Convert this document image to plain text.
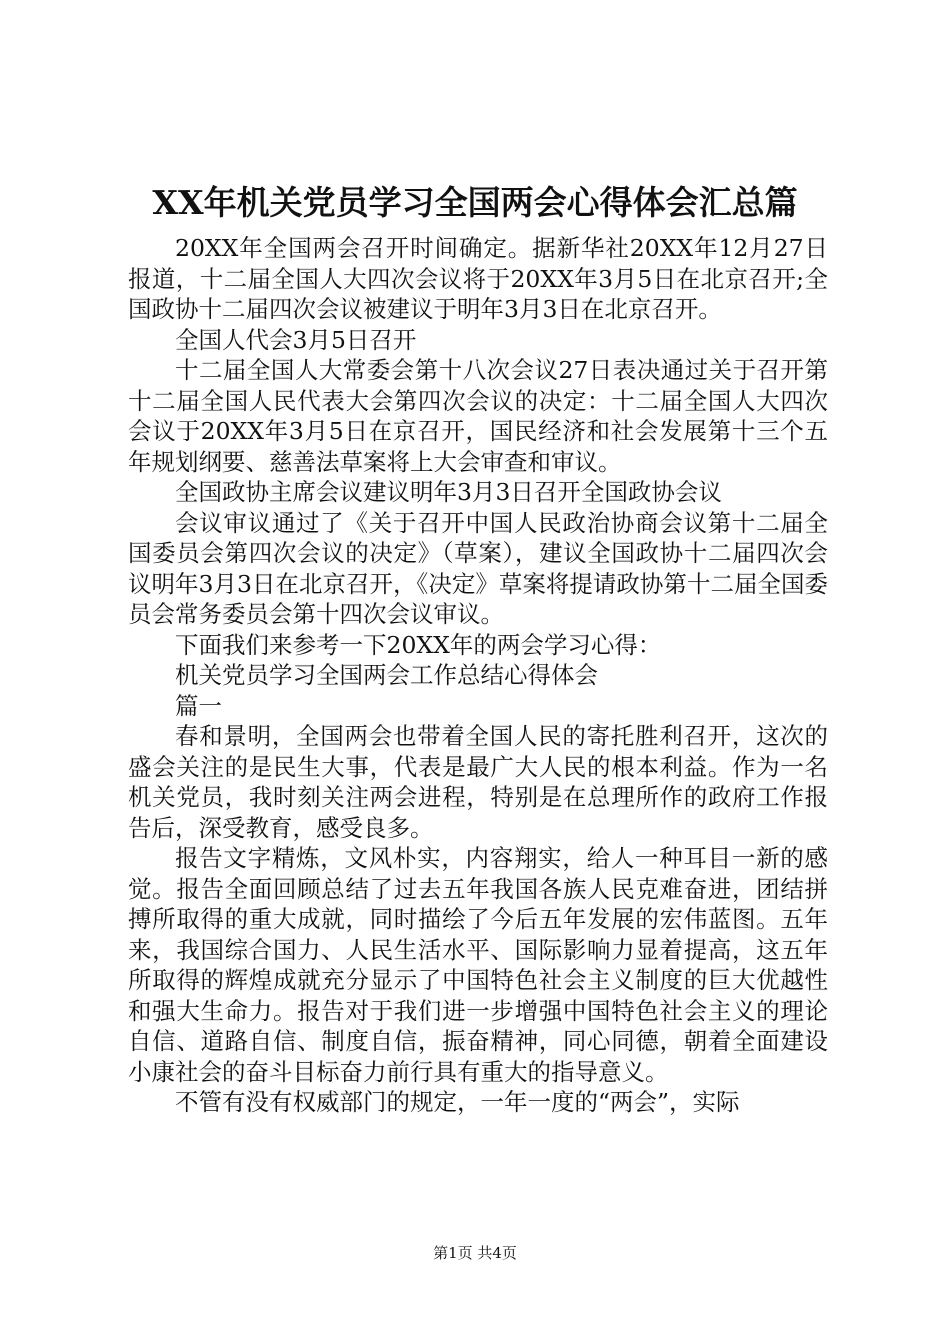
XX年机关党员学习全国两会心得体会汇总篇

20XX年全国两会召开时间确定。据新华社20XX年12月27日报道，十二届全国人大四次会议将于20XX年3月5日在北京召开;全国政协十二届四次会议被建议于明年3月3日在北京召开。

全国人代会3月5日召开

十二届全国人大常委会第十八次会议27日表决通过关于召开第十二届全国人民代表大会第四次会议的决定：十二届全国人大四次会议于20XX年3月5日在京召开，国民经济和社会发展第十三个五年规划纲要、慈善法草案将上大会审查和审议。

全国政协主席会议建议明年3月3日召开全国政协会议

会议审议通过了《关于召开中国人民政治协商会议第十二届全国委员会第四次会议的决定》（草案），建议全国政协十二届四次会议明年3月3日在北京召开，《决定》草案将提请政协第十二届全国委员会常务委员会第十四次会议审议。

下面我们来参考一下20XX年的两会学习心得：

机关党员学习全国两会工作总结心得体会

篇一

春和景明，全国两会也带着全国人民的寄托胜利召开，这次的盛会关注的是民生大事，代表是最广大人民的根本利益。作为一名机关党员，我时刻关注两会进程，特别是在总理所作的政府工作报告后，深受教育，感受良多。

报告文字精炼，文风朴实，内容翔实，给人一种耳目一新的感觉。报告全面回顾总结了过去五年我国各族人民克难奋进，团结拼搏所取得的重大成就，同时描绘了今后五年发展的宏伟蓝图。五年来，我国综合国力、人民生活水平、国际影响力显着提高，这五年所取得的辉煌成就充分显示了中国特色社会主义制度的巨大优越性和强大生命力。报告对于我们进一步增强中国特色社会主义的理论自信、道路自信、制度自信，振奋精神，同心同德，朝着全面建设小康社会的奋斗目标奋力前行具有重大的指导意义。

不管有没有权威部门的规定，一年一度的“两会”，实际

第1页 共4页
